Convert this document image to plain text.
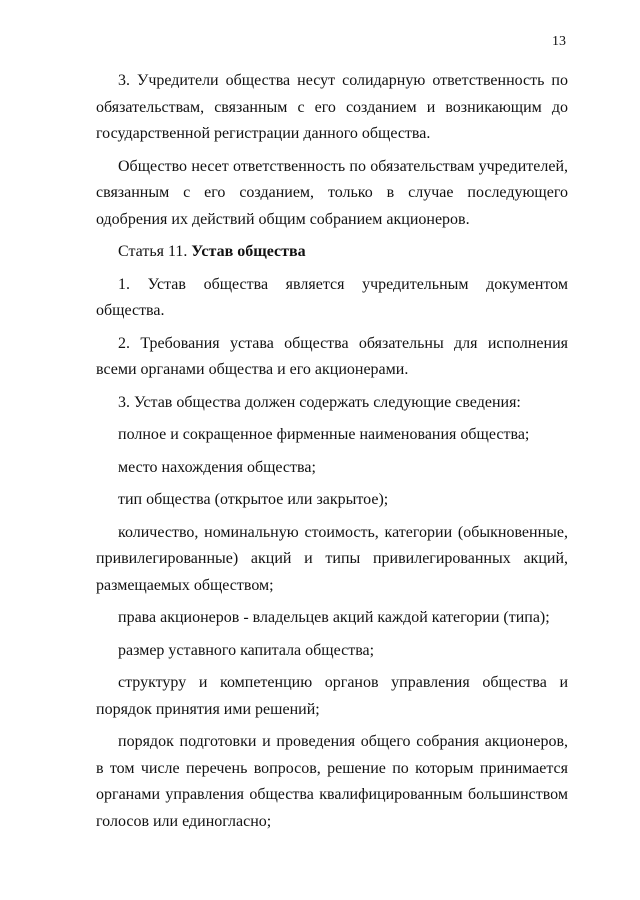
13

3. Учредители общества несут солидарную ответственность по обязательствам, связанным с его созданием и возникающим до государственной регистрации данного общества.

Общество несет ответственность по обязательствам учредителей, связанным с его созданием, только в случае последующего одобрения их действий общим собранием акционеров.

Статья 11. Устав общества

1. Устав общества является учредительным документом общества.

2. Требования устава общества обязательны для исполнения всеми органами общества и его акционерами.

3. Устав общества должен содержать следующие сведения:

полное и сокращенное фирменные наименования общества;

место нахождения общества;

тип общества (открытое или закрытое);

количество, номинальную стоимость, категории (обыкновенные, привилегированные) акций и типы привилегированных акций, размещаемых обществом;

права акционеров - владельцев акций каждой категории (типа);

размер уставного капитала общества;

структуру и компетенцию органов управления общества и порядок принятия ими решений;

порядок подготовки и проведения общего собрания акционеров, в том числе перечень вопросов, решение по которым принимается органами управления общества квалифицированным большинством голосов или единогласно;
